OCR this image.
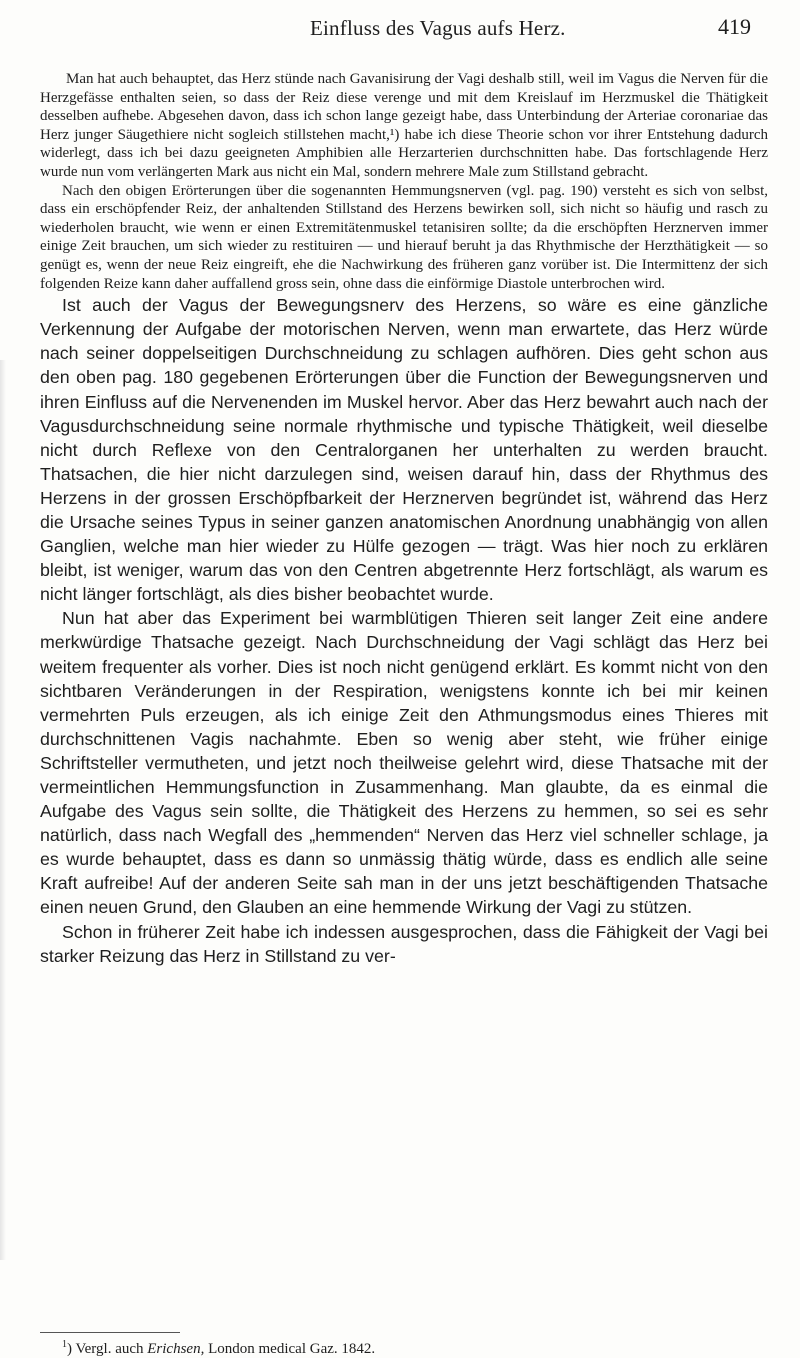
Einfluss des Vagus aufs Herz.	419

Man hat auch behauptet, das Herz stünde nach Gavanisirung der Vagi deshalb still, weil im Vagus die Nerven für die Herzgefässe enthalten seien, so dass der Reiz diese verenge und mit dem Kreislauf im Herzmuskel die Thätigkeit desselben aufhebe. Abgesehen davon, dass ich schon lange gezeigt habe, dass Unterbindung der Arteriae coronariae das Herz junger Säugethiere nicht sogleich stillstehen macht,¹) habe ich diese Theorie schon vor ihrer Entstehung dadurch widerlegt, dass ich bei dazu geeigneten Amphibien alle Herzarterien durchschnitten habe. Das fortschlagende Herz wurde nun vom verlängerten Mark aus nicht ein Mal, sondern mehrere Male zum Stillstand gebracht.

Nach den obigen Erörterungen über die sogenannten Hemmungsnerven (vgl. pag. 190) versteht es sich von selbst, dass ein erschöpfender Reiz, der anhaltenden Stillstand des Herzens bewirken soll, sich nicht so häufig und rasch zu wiederholen braucht, wie wenn er einen Extremitätenmuskel tetanisiren sollte; da die erschöpften Herznerven immer einige Zeit brauchen, um sich wieder zu restituiren — und hierauf beruht ja das Rhythmische der Herzthätigkeit — so genügt es, wenn der neue Reiz eingreift, ehe die Nachwirkung des früheren ganz vorüber ist. Die Intermittenz der sich folgenden Reize kann daher auffallend gross sein, ohne dass die einförmige Diastole unterbrochen wird.

Ist auch der Vagus der Bewegungsnerv des Herzens, so wäre es eine gänzliche Verkennung der Aufgabe der motorischen Nerven, wenn man erwartete, das Herz würde nach seiner doppelseitigen Durchschneidung zu schlagen aufhören. Dies geht schon aus den oben pag. 180 gegebenen Erörterungen über die Function der Bewegungsnerven und ihren Einfluss auf die Nervenenden im Muskel hervor. Aber das Herz bewahrt auch nach der Vagusdurchschneidung seine normale rhythmische und typische Thätigkeit, weil dieselbe nicht durch Reflexe von den Centralorganen her unterhalten zu werden braucht. Thatsachen, die hier nicht darzulegen sind, weisen darauf hin, dass der Rhythmus des Herzens in der grossen Erschöpfbarkeit der Herznerven begründet ist, während das Herz die Ursache seines Typus in seiner ganzen anatomischen Anordnung unabhängig von allen Ganglien, welche man hier wieder zu Hülfe gezogen — trägt. Was hier noch zu erklären bleibt, ist weniger, warum das von den Centren abgetrennte Herz fortschlägt, als warum es nicht länger fortschlägt, als dies bisher beobachtet wurde.

Nun hat aber das Experiment bei warmblütigen Thieren seit langer Zeit eine andere merkwürdige Thatsache gezeigt. Nach Durchschneidung der Vagi schlägt das Herz bei weitem frequenter als vorher. Dies ist noch nicht genügend erklärt. Es kommt nicht von den sichtbaren Veränderungen in der Respiration, wenigstens konnte ich bei mir keinen vermehrten Puls erzeugen, als ich einige Zeit den Athmungsmodus eines Thieres mit durchschnittenen Vagis nachahmte. Eben so wenig aber steht, wie früher einige Schriftsteller vermutheten, und jetzt noch theilweise gelehrt wird, diese Thatsache mit der vermeintlichen Hemmungsfunction in Zusammenhang. Man glaubte, da es einmal die Aufgabe des Vagus sein sollte, die Thätigkeit des Herzens zu hemmen, so sei es sehr natürlich, dass nach Wegfall des „hemmenden“ Nerven das Herz viel schneller schlage, ja es wurde behauptet, dass es dann so unmässig thätig würde, dass es endlich alle seine Kraft aufreibe! Auf der anderen Seite sah man in der uns jetzt beschäftigenden Thatsache einen neuen Grund, den Glauben an eine hemmende Wirkung der Vagi zu stützen.

Schon in früherer Zeit habe ich indessen ausgesprochen, dass die Fähigkeit der Vagi bei starker Reizung das Herz in Stillstand zu ver-

$^1$) Vergl. auch Erichsen, London medical Gaz. 1842.
